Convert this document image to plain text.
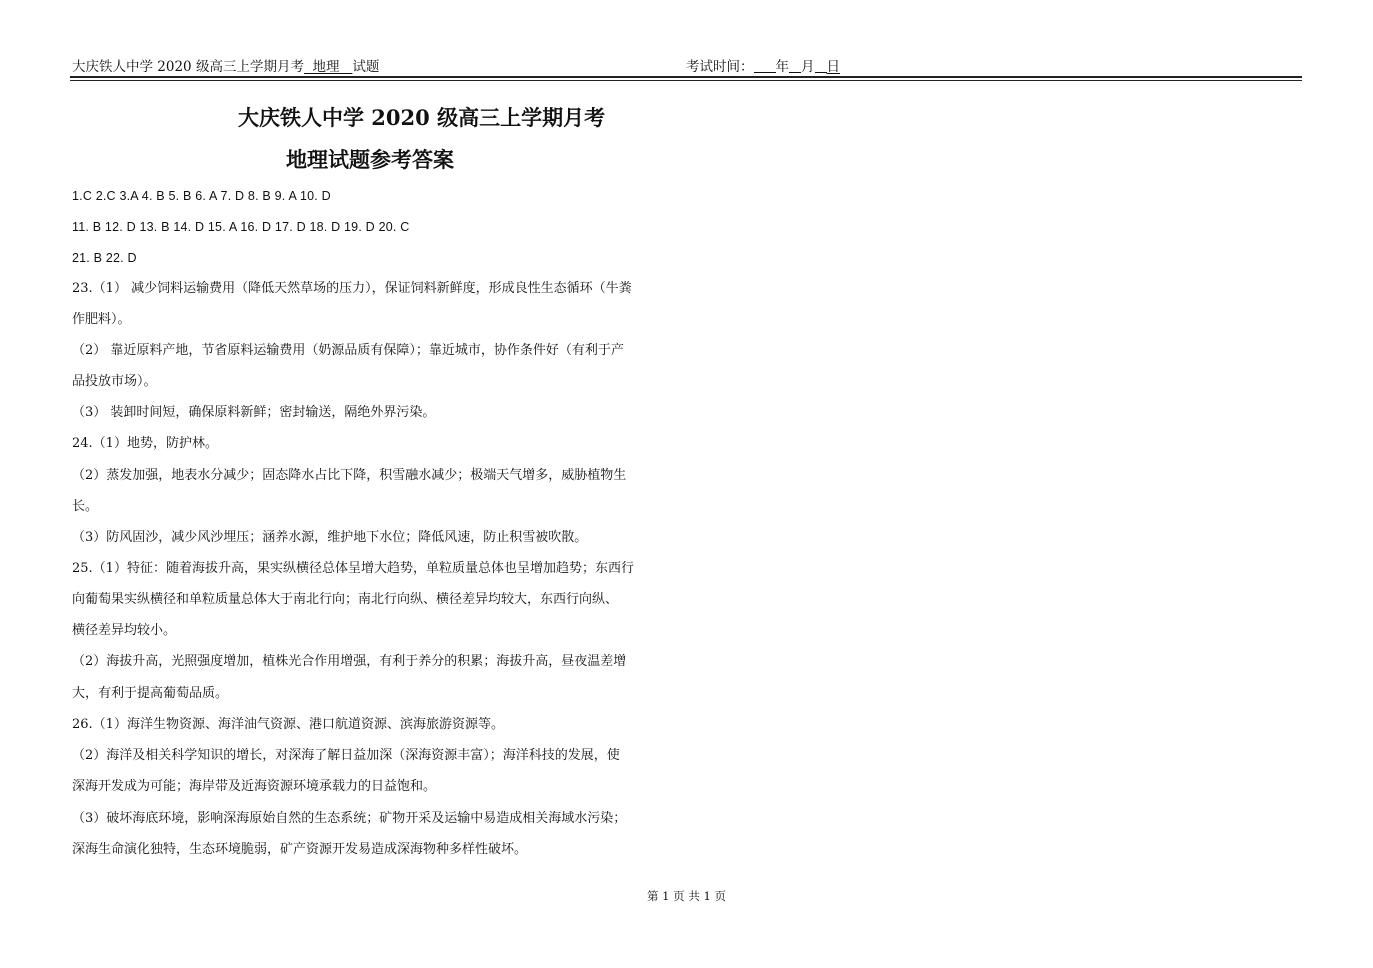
大庆铁人中学 2020 级高三上学期月考 地理 试题	考试时间： 年 月 日
大庆铁人中学 2020 级高三上学期月考
地理试题参考答案
1.C 2.C 3.A 4. B 5. B 6. A 7. D 8. B 9. A 10. D
11. B 12. D 13. B 14. D 15. A 16. D 17. D 18. D 19. D 20. C
21. B 22. D
23.（1） 减少饲料运输费用（降低天然草场的压力），保证饲料新鲜度，形成良性生态循环（牛粪
作肥料）。
（2） 靠近原料产地，节省原料运输费用（奶源品质有保障）；靠近城市，协作条件好（有利于产
品投放市场）。
（3） 装卸时间短，确保原料新鲜；密封输送，隔绝外界污染。
24.（1）地势，防护林。
（2）蒸发加强，地表水分减少；固态降水占比下降，积雪融水减少；极端天气增多，威胁植物生
长。
（3）防风固沙，减少风沙埋压；涵养水源，维护地下水位；降低风速，防止积雪被吹散。
25.（1）特征：随着海拔升高，果实纵横径总体呈增大趋势，单粒质量总体也呈增加趋势；东西行
向葡萄果实纵横径和单粒质量总体大于南北行向；南北行向纵、横径差异均较大，东西行向纵、
横径差异均较小。
（2）海拔升高，光照强度增加，植株光合作用增强，有利于养分的积累；海拔升高，昼夜温差增
大，有利于提高葡萄品质。
26.（1）海洋生物资源、海洋油气资源、港口航道资源、滨海旅游资源等。
（2）海洋及相关科学知识的增长，对深海了解日益加深（深海资源丰富）；海洋科技的发展，使
深海开发成为可能；海岸带及近海资源环境承载力的日益饱和。
（3）破坏海底环境，影响深海原始自然的生态系统；矿物开采及运输中易造成相关海域水污染；
深海生命演化独特，生态环境脆弱，矿产资源开发易造成深海物种多样性破坏。
第 1 页 共 1 页
